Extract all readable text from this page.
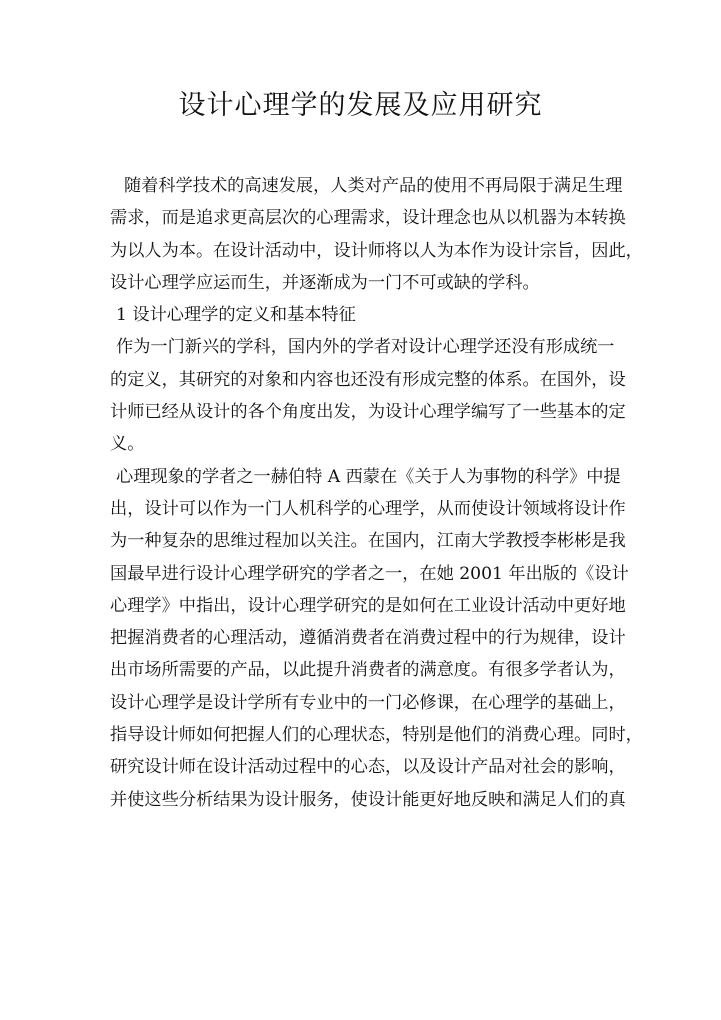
设计心理学的发展及应用研究
随着科学技术的高速发展，人类对产品的使用不再局限于满足生理
需求，而是追求更高层次的心理需求，设计理念也从以机器为本转换
为以人为本。在设计活动中，设计师将以人为本作为设计宗旨，因此，
设计心理学应运而生，并逐渐成为一门不可或缺的学科。
1 设计心理学的定义和基本特征
作为一门新兴的学科，国内外的学者对设计心理学还没有形成统一
的定义，其研究的对象和内容也还没有形成完整的体系。在国外，设
计师已经从设计的各个角度出发，为设计心理学编写了一些基本的定
义。
心理现象的学者之一赫伯特 A 西蒙在《关于人为事物的科学》中提
出，设计可以作为一门人机科学的心理学，从而使设计领域将设计作
为一种复杂的思维过程加以关注。在国内，江南大学教授李彬彬是我
国最早进行设计心理学研究的学者之一，在她 2001 年出版的《设计
心理学》中指出，设计心理学研究的是如何在工业设计活动中更好地
把握消费者的心理活动，遵循消费者在消费过程中的行为规律，设计
出市场所需要的产品，以此提升消费者的满意度。有很多学者认为，
设计心理学是设计学所有专业中的一门必修课，在心理学的基础上，
指导设计师如何把握人们的心理状态，特别是他们的消费心理。同时，
研究设计师在设计活动过程中的心态，以及设计产品对社会的影响，
并使这些分析结果为设计服务，使设计能更好地反映和满足人们的真
